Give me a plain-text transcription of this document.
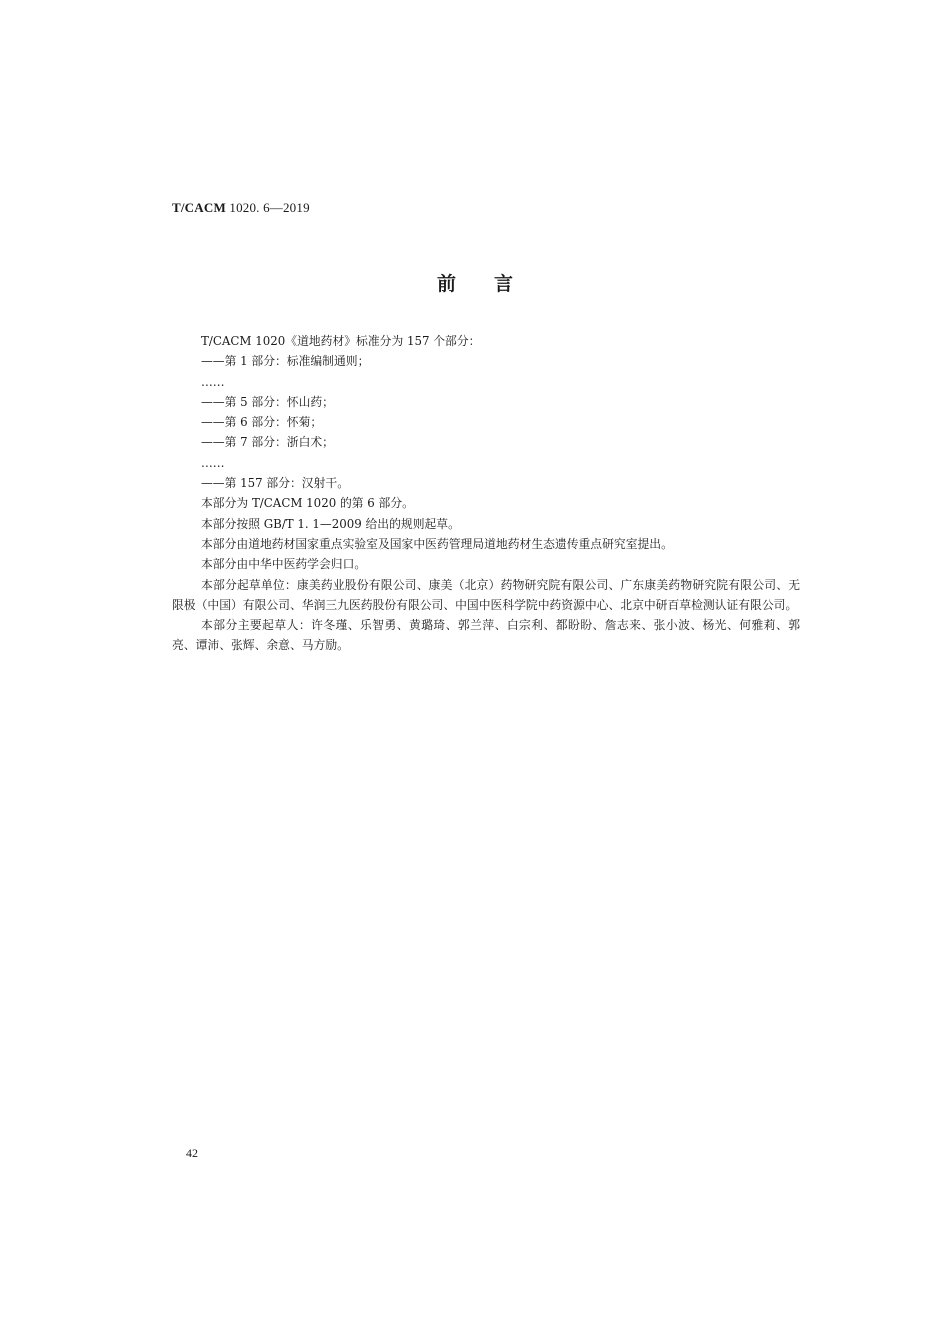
T/CACM 1020. 6—2019
前言
T/CACM 1020《道地药材》标准分为 157 个部分：
——第 1 部分：标准编制通则；
……
——第 5 部分：怀山药；
——第 6 部分：怀菊；
——第 7 部分：浙白术；
……
——第 157 部分：汉射干。
本部分为 T/CACM 1020 的第 6 部分。
本部分按照 GB/T 1. 1—2009 给出的规则起草。
本部分由道地药材国家重点实验室及国家中医药管理局道地药材生态遗传重点研究室提出。
本部分由中华中医药学会归口。
本部分起草单位：康美药业股份有限公司、康美（北京）药物研究院有限公司、广东康美药物研究院有限公司、无限极（中国）有限公司、华润三九医药股份有限公司、中国中医科学院中药资源中心、北京中研百草检测认证有限公司。
本部分主要起草人：许冬瑾、乐智勇、黄璐琦、郭兰萍、白宗利、都盼盼、詹志来、张小波、杨光、何雅莉、郭亮、谭沛、张辉、余意、马方励。
42
